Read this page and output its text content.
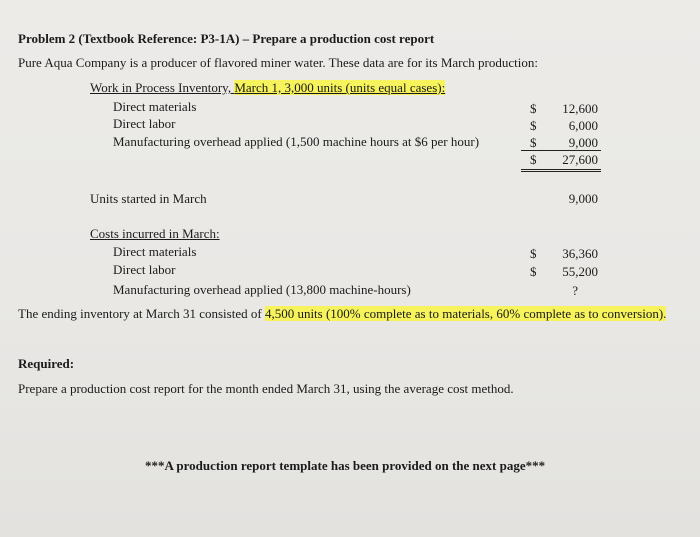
Problem 2 (Textbook Reference: P3-1A) – Prepare a production cost report
Pure Aqua Company is a producer of flavored miner water. These data are for its March production:
Work in Process Inventory, March 1, 3,000 units (units equal cases):
Direct materials	$	12,600
Direct labor	$	6,000
Manufacturing overhead applied (1,500 machine hours at $6 per hour)	$	9,000
$	27,600
Units started in March	9,000
Costs incurred in March:
Direct materials	$	36,360
Direct labor	$	55,200
Manufacturing overhead applied (13,800 machine-hours)	?
The ending inventory at March 31 consisted of 4,500 units (100% complete as to materials, 60% complete as to conversion).
Required:
Prepare a production cost report for the month ended March 31, using the average cost method.
***A production report template has been provided on the next page***
